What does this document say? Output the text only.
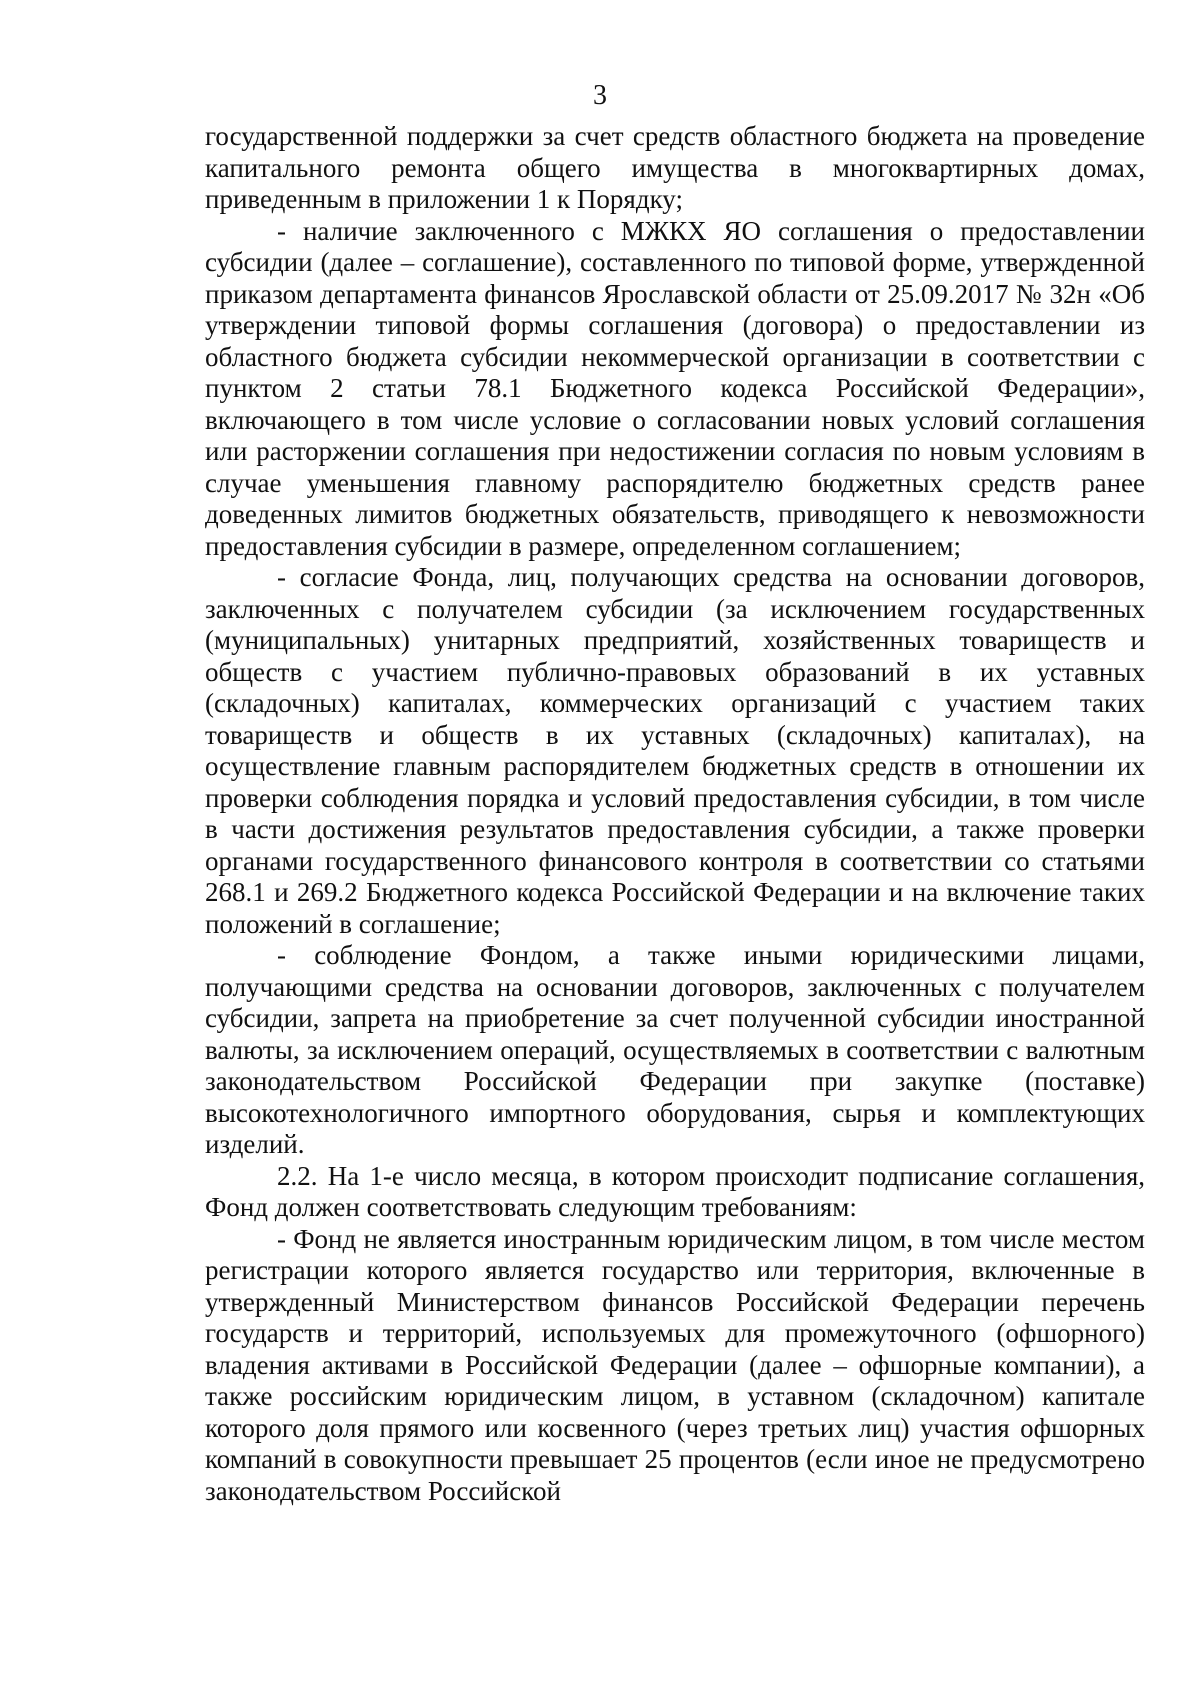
3

государственной поддержки за счет средств областного бюджета на проведение капитального ремонта общего имущества в многоквартирных домах, приведенным в приложении 1 к Порядку;

- наличие заключенного с МЖКХ ЯО соглашения о предоставлении субсидии (далее – соглашение), составленного по типовой форме, утвержденной приказом департамента финансов Ярославской области от 25.09.2017 № 32н «Об утверждении типовой формы соглашения (договора) о предоставлении из областного бюджета субсидии некоммерческой организации в соответствии с пунктом 2 статьи 78.1 Бюджетного кодекса Российской Федерации», включающего в том числе условие о согласовании новых условий соглашения или расторжении соглашения при недостижении согласия по новым условиям в случае уменьшения главному распорядителю бюджетных средств ранее доведенных лимитов бюджетных обязательств, приводящего к невозможности предоставления субсидии в размере, определенном соглашением;

- согласие Фонда, лиц, получающих средства на основании договоров, заключенных с получателем субсидии (за исключением государственных (муниципальных) унитарных предприятий, хозяйственных товариществ и обществ с участием публично-правовых образований в их уставных (складочных) капиталах, коммерческих организаций с участием таких товариществ и обществ в их уставных (складочных) капиталах), на осуществление главным распорядителем бюджетных средств в отношении их проверки соблюдения порядка и условий предоставления субсидии, в том числе в части достижения результатов предоставления субсидии, а также проверки органами государственного финансового контроля в соответствии со статьями 268.1 и 269.2 Бюджетного кодекса Российской Федерации и на включение таких положений в соглашение;

- соблюдение Фондом, а также иными юридическими лицами, получающими средства на основании договоров, заключенных с получателем субсидии, запрета на приобретение за счет полученной субсидии иностранной валюты, за исключением операций, осуществляемых в соответствии с валютным законодательством Российской Федерации при закупке (поставке) высокотехнологичного импортного оборудования, сырья и комплектующих изделий.

2.2. На 1-е число месяца, в котором происходит подписание соглашения, Фонд должен соответствовать следующим требованиям:

- Фонд не является иностранным юридическим лицом, в том числе местом регистрации которого является государство или территория, включенные в утвержденный Министерством финансов Российской Федерации перечень государств и территорий, используемых для промежуточного (офшорного) владения активами в Российской Федерации (далее – офшорные компании), а также российским юридическим лицом, в уставном (складочном) капитале которого доля прямого или косвенного (через третьих лиц) участия офшорных компаний в совокупности превышает 25 процентов (если иное не предусмотрено законодательством Российской
